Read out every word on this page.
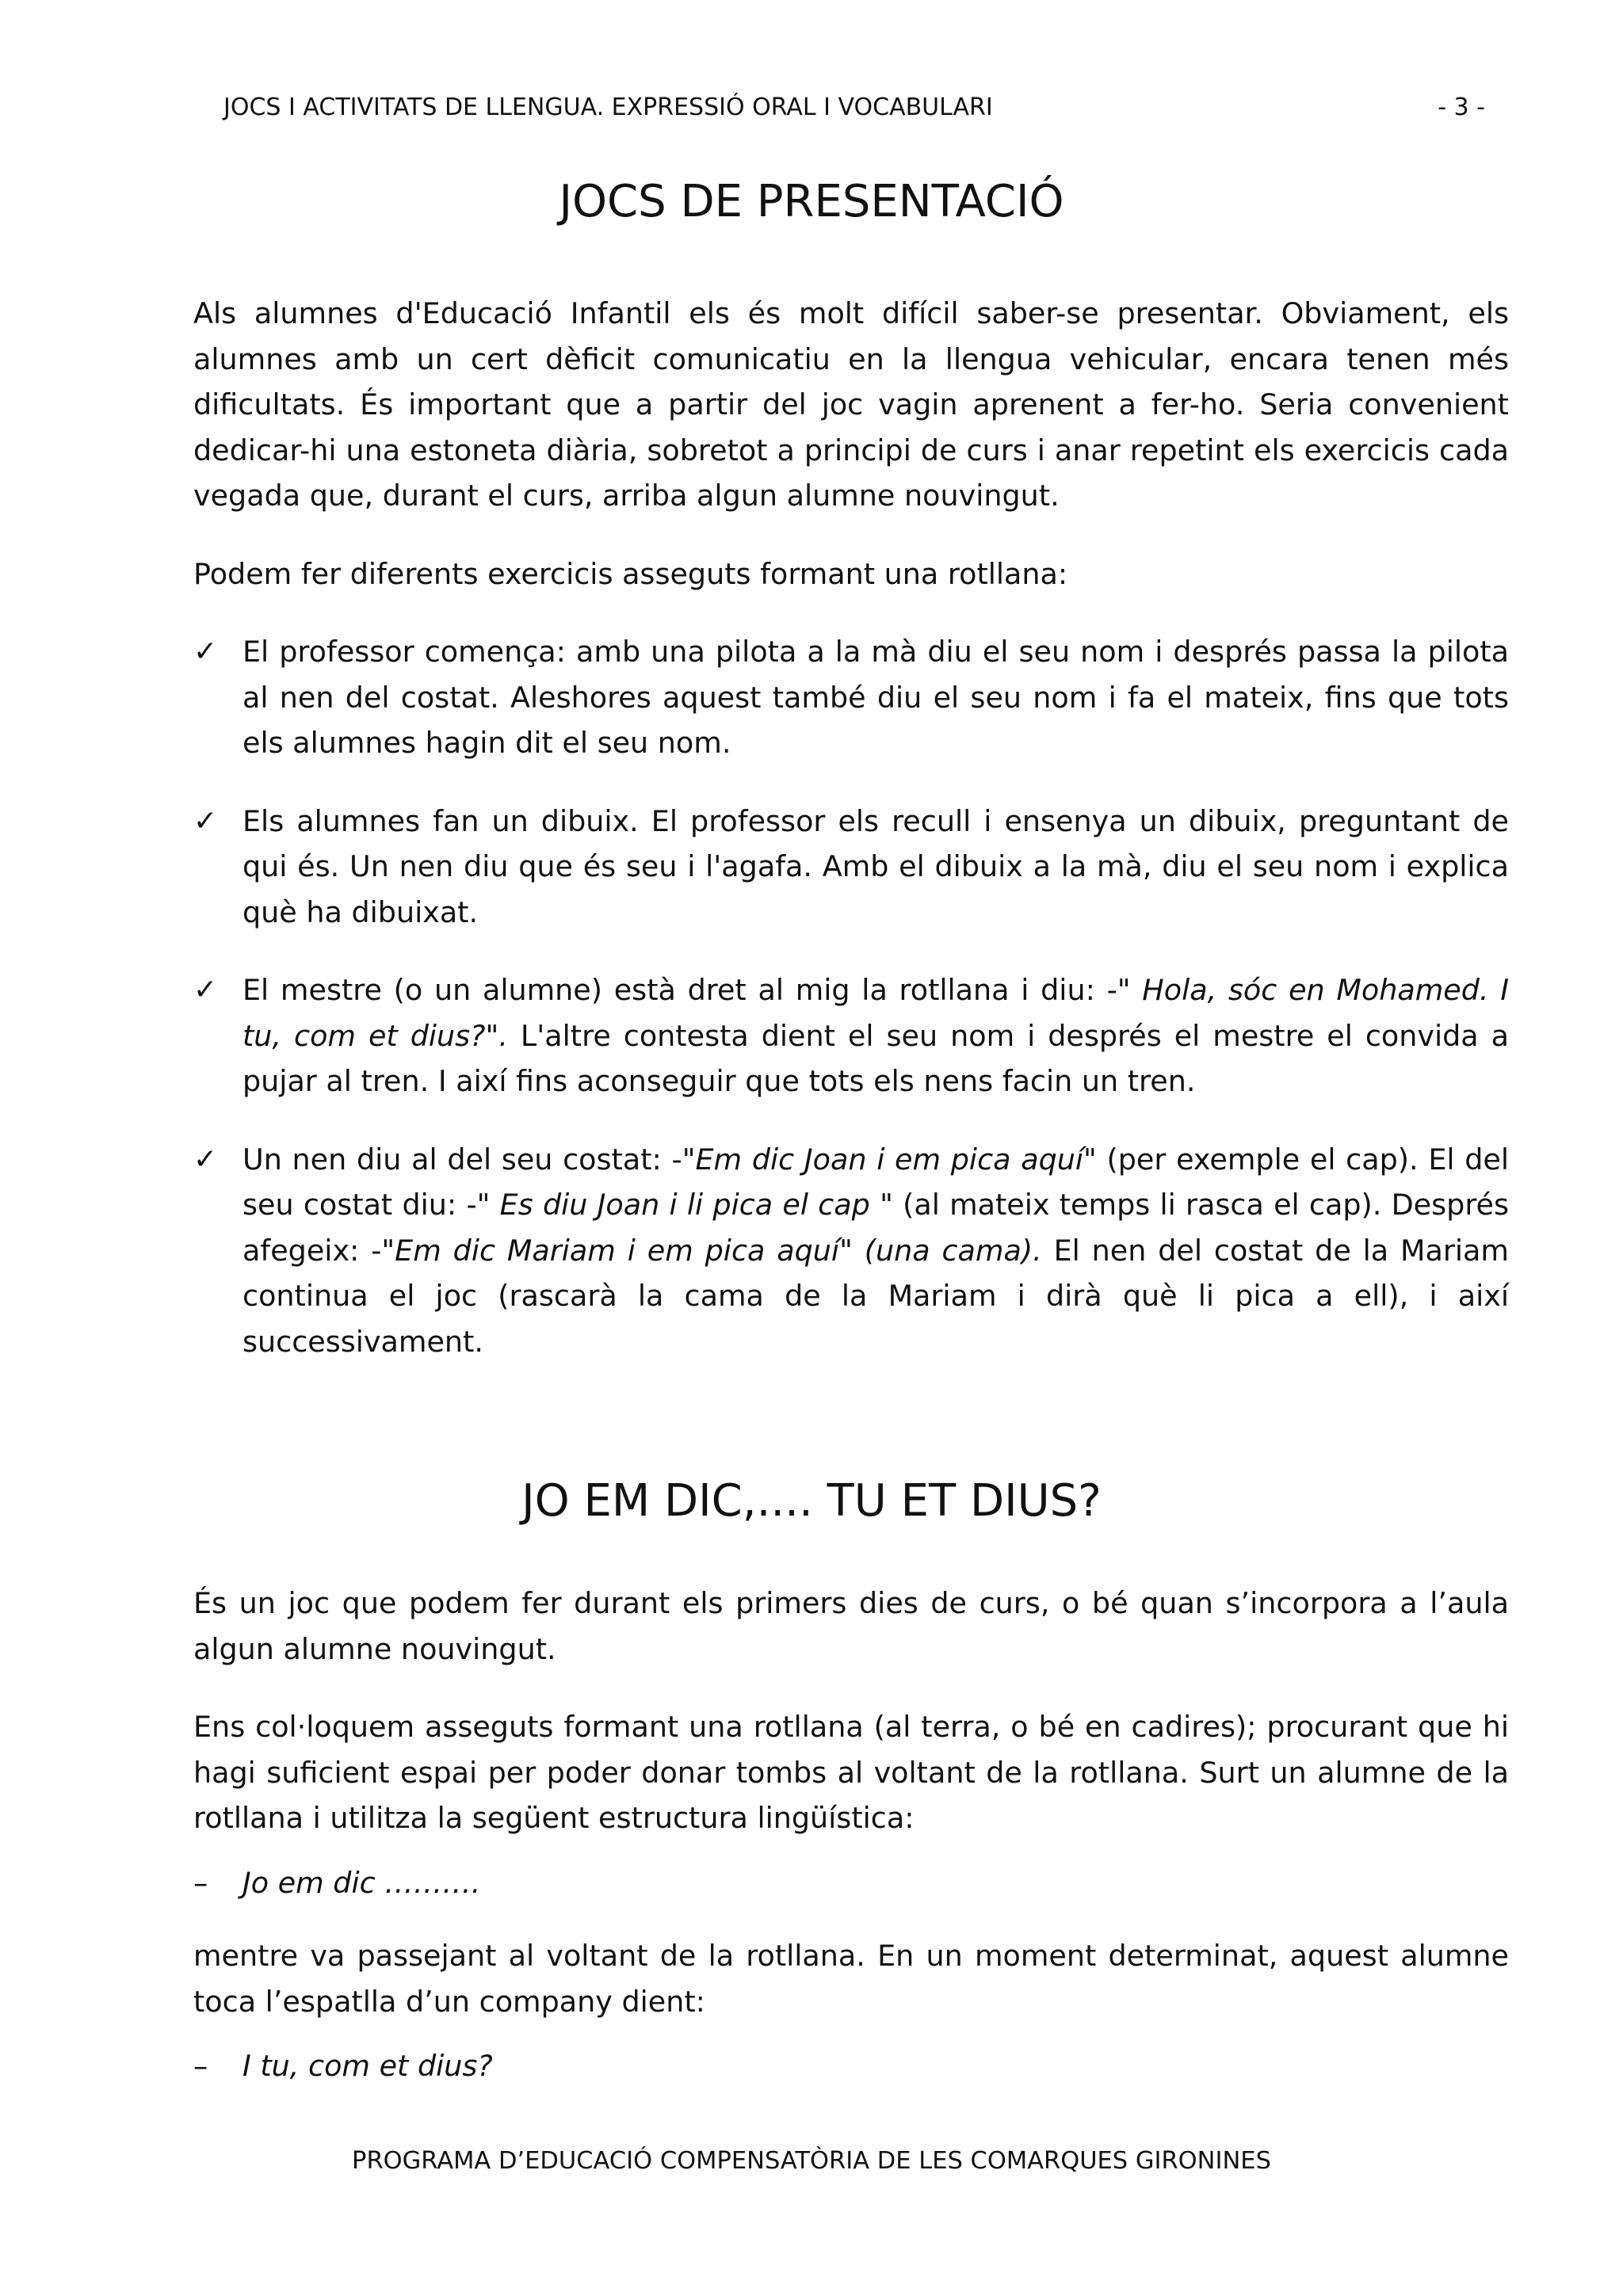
JOCS I ACTIVITATS DE LLENGUA. EXPRESSIÓ ORAL I VOCABULARI	- 3 -
JOCS DE PRESENTACIÓ

Als alumnes d'Educació Infantil els és molt difícil saber-se presentar. Obviament, els alumnes amb un cert dèficit comunicatiu en la llengua vehicular, encara tenen més dificultats. És important que a partir del joc vagin aprenent a fer-ho. Seria convenient dedicar-hi una estoneta diària, sobretot a principi de curs i anar repetint els exercicis cada vegada que, durant el curs, arriba algun alumne nouvingut.

Podem fer diferents exercicis asseguts formant una rotllana:

✓ El professor comença: amb una pilota a la mà diu el seu nom i després passa la pilota al nen del costat. Aleshores aquest també diu el seu nom i fa el mateix, fins que tots els alumnes hagin dit el seu nom.
✓ Els alumnes fan un dibuix. El professor els recull i ensenya un dibuix, preguntant de qui és. Un nen diu que és seu i l'agafa. Amb el dibuix a la mà, diu el seu nom i explica què ha dibuixat.
✓ El mestre (o un alumne) està dret al mig la rotllana i diu: -" Hola, sóc en Mohamed. I tu, com et dius?". L'altre contesta dient el seu nom i després el mestre el convida a pujar al tren. I així fins aconseguir que tots els nens facin un tren.
✓ Un nen diu al del seu costat: -"Em dic Joan i em pica aquí" (per exemple el cap). El del seu costat diu: -" Es diu Joan i li pica el cap " (al mateix temps li rasca el cap). Després afegeix: -"Em dic Mariam i em pica aquí" (una cama). El nen del costat de la Mariam continua el joc (rascarà la cama de la Mariam i dirà què li pica a ell), i així successivament.
JO EM DIC,.... TU ET DIUS?

És un joc que podem fer durant els primers dies de curs, o bé quan s’incorpora a l’aula algun alumne nouvingut.

Ens col·loquem asseguts formant una rotllana (al terra, o bé en cadires); procurant que hi hagi suficient espai per poder donar tombs al voltant de la rotllana. Surt un alumne de la rotllana i utilitza la següent estructura lingüística:

–	Jo em dic ……….

mentre va passejant al voltant de la rotllana. En un moment determinat, aquest alumne toca l’espatlla d’un company dient:

–	I tu, com et dius?
PROGRAMA D’EDUCACIÓ COMPENSATÒRIA DE LES COMARQUES GIRONINES
